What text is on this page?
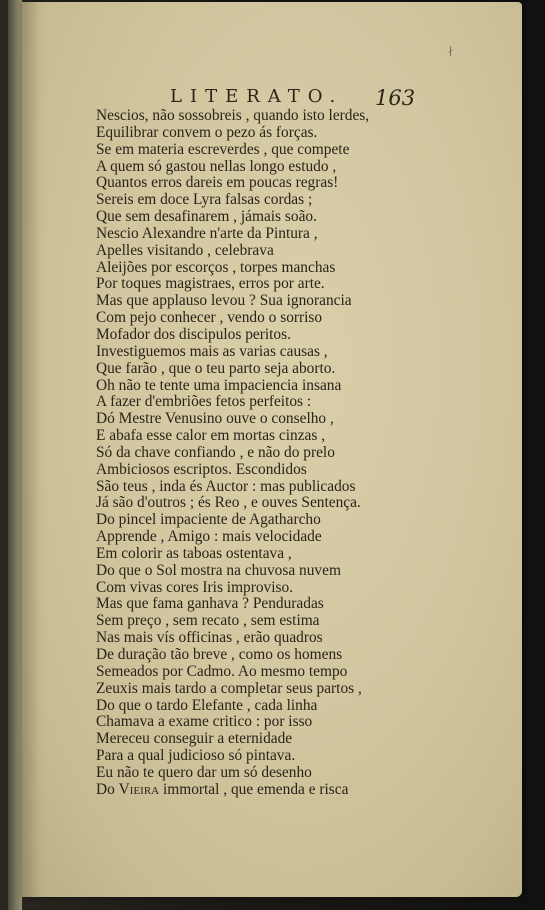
LITERATO. 163
∤
Nescios, não sossobreis , quando isto lerdes,
Equilibrar convem o pezo ás forças.
Se em materia escreverdes , que compete
A quem só gastou nellas longo estudo ,
Quantos erros dareis em poucas regras!
Sereis em doce Lyra falsas cordas ;
Que sem desafinarem , jámais soão.
Nescio Alexandre n'arte da Pintura ,
Apelles visitando , celebrava
Aleijões por escorços , torpes manchas
Por toques magistraes, erros por arte.
Mas que applauso levou ? Sua ignorancia
Com pejo conhecer , vendo o sorriso
Mofador dos discipulos peritos.
Investiguemos mais as varias causas ,
Que farão , que o teu parto seja aborto.
Oh não te tente uma impaciencia insana
A fazer d'embriões fetos perfeitos :
Dó Mestre Venusino ouve o conselho ,
E abafa esse calor em mortas cinzas ,
Só da chave confiando , e não do prelo
Ambiciosos escriptos. Escondidos
São teus , inda és Auctor : mas publicados
Já são d'outros ; és Reo , e ouves Sentença.
Do pincel impaciente de Agatharcho
Apprende , Amigo : mais velocidade
Em colorir as taboas ostentava ,
Do que o Sol mostra na chuvosa nuvem
Com vivas cores Iris improviso.
Mas que fama ganhava ? Penduradas
Sem preço , sem recato , sem estima
Nas mais vís officinas , erão quadros
De duração tão breve , como os homens
Semeados por Cadmo. Ao mesmo tempo
Zeuxis mais tardo a completar seus partos ,
Do que o tardo Elefante , cada linha
Chamava a exame critico : por isso
Mereceu conseguir a eternidade
Para a qual judicioso só pintava.
Eu não te quero dar um só desenho
Do Vieira immortal , que emenda e risca
